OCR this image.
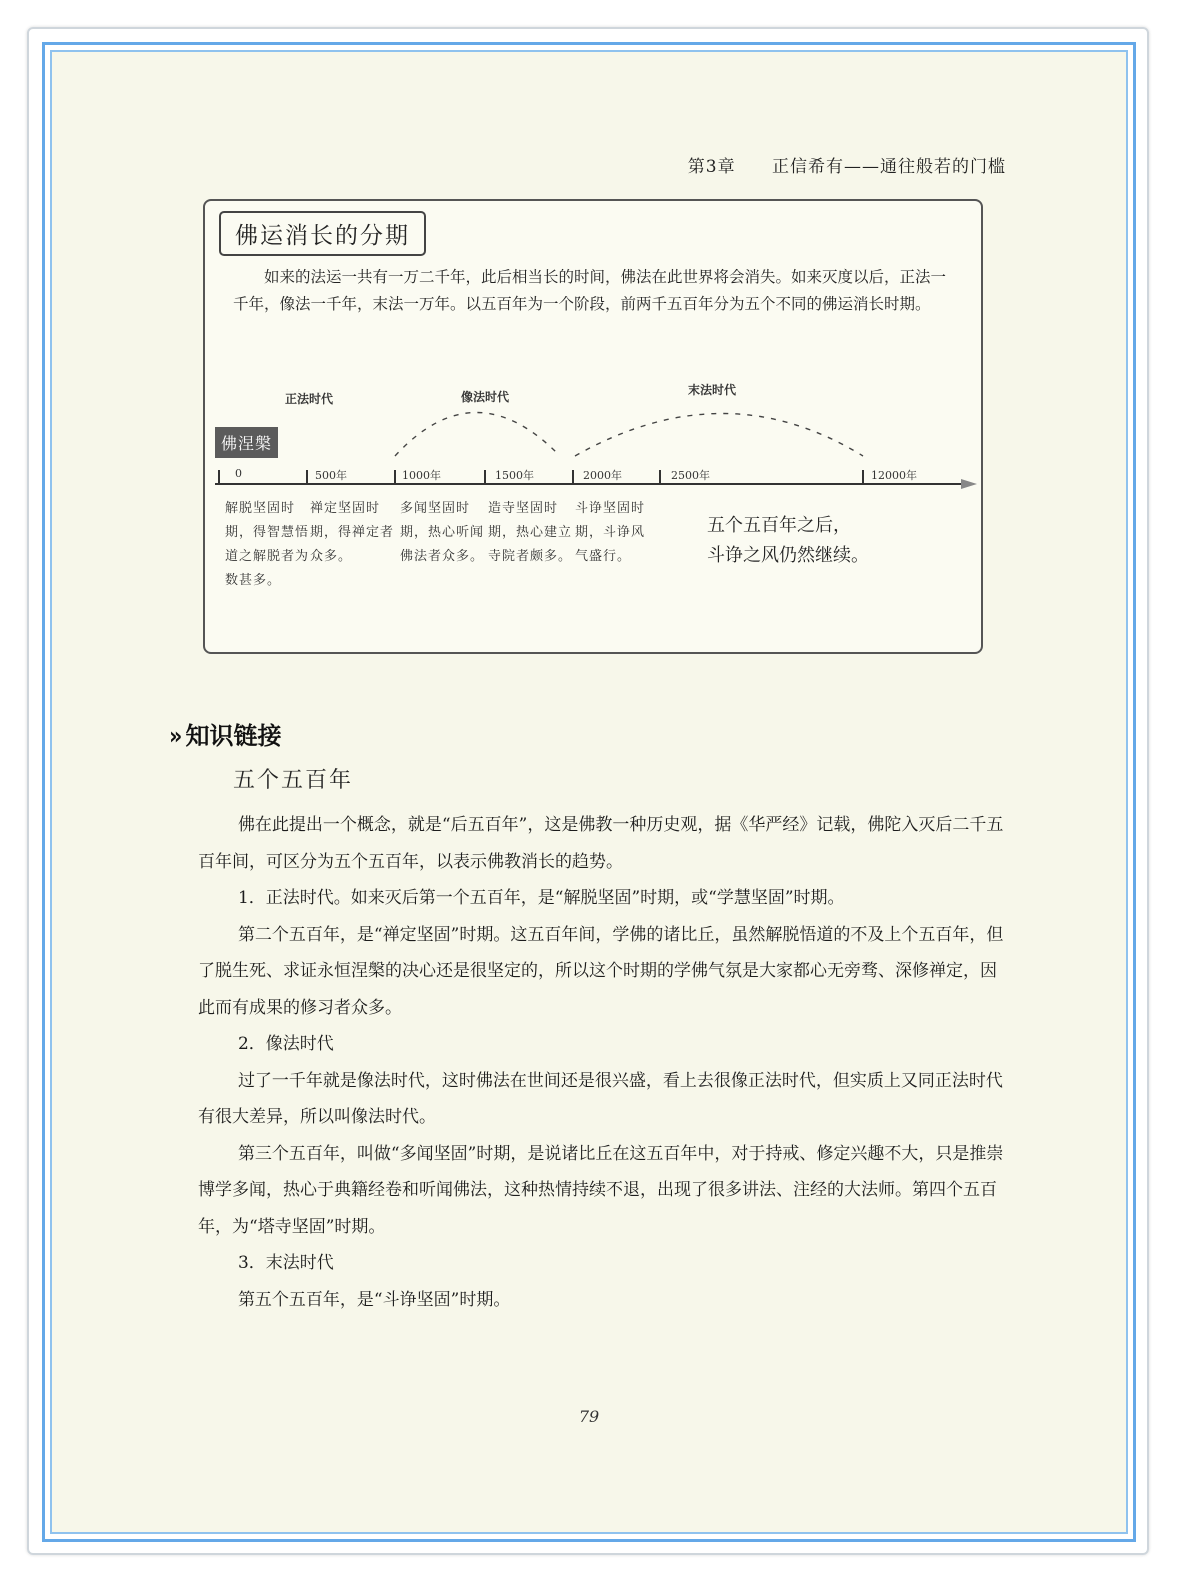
第3章 正信希有——通往般若的门槛
佛运消长的分期

如来的法运一共有一万二千年，此后相当长的时间，佛法在此世界将会消失。如来灭度以后，正法一千年，像法一千年，末法一万年。以五百年为一个阶段，前两千五百年分为五个不同的佛运消长时期。

正法时代	像法时代	末法时代
佛涅槃
0	500年	1000年	1500年	2000年	2500年	12000年

解脱坚固时期，得智慧悟道之解脱者为数甚多。

禅定坚固时期，得禅定者众多。

多闻坚固时期，热心听闻佛法者众多。

造寺坚固时期，热心建立寺院者颇多。

斗诤坚固时期，斗诤风气盛行。

五个五百年之后，
斗诤之风仍然继续。

» 知识链接
五个五百年

佛在此提出一个概念，就是“后五百年”，这是佛教一种历史观，据《华严经》记载，佛陀入灭后二千五百年间，可区分为五个五百年，以表示佛教消长的趋势。

1．正法时代。如来灭后第一个五百年，是“解脱坚固”时期，或“学慧坚固”时期。

第二个五百年，是“禅定坚固”时期。这五百年间，学佛的诸比丘，虽然解脱悟道的不及上个五百年，但了脱生死、求证永恒涅槃的决心还是很坚定的，所以这个时期的学佛气氛是大家都心无旁骛、深修禅定，因此而有成果的修习者众多。

2．像法时代

过了一千年就是像法时代，这时佛法在世间还是很兴盛，看上去很像正法时代，但实质上又同正法时代有很大差异，所以叫像法时代。

第三个五百年，叫做“多闻坚固”时期，是说诸比丘在这五百年中，对于持戒、修定兴趣不大，只是推崇博学多闻，热心于典籍经卷和听闻佛法，这种热情持续不退，出现了很多讲法、注经的大法师。第四个五百年，为“塔寺坚固”时期。

3．末法时代

第五个五百年，是“斗诤坚固”时期。

79
